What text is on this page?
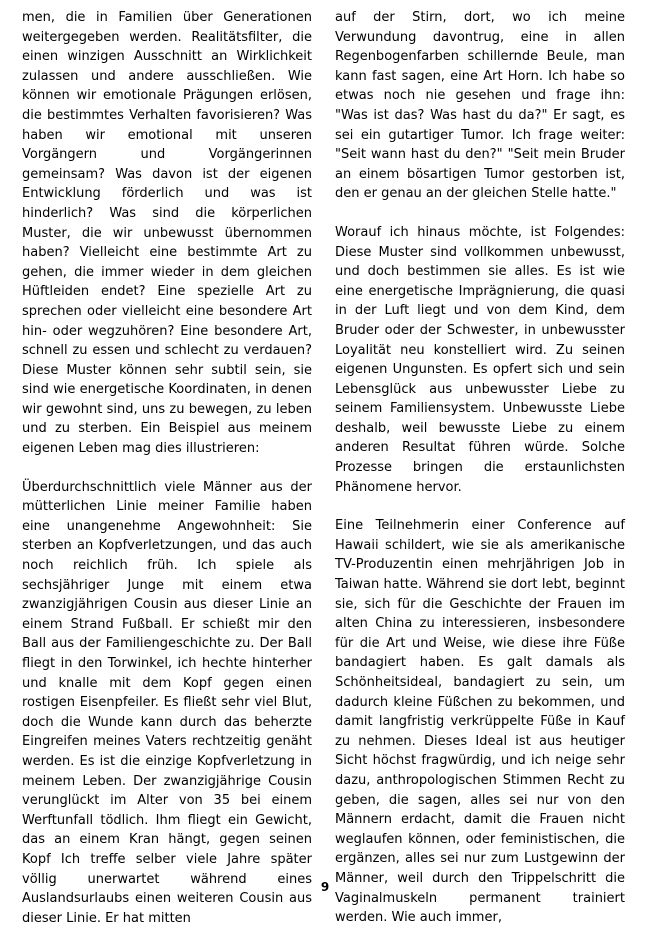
men, die in Familien über Generationen weitergegeben werden. Realitätsfilter, die einen winzigen Ausschnitt an Wirklichkeit zulassen und andere ausschließen. Wie können wir emotionale Prägungen erlösen, die bestimmtes Verhalten favorisieren? Was haben wir emotional mit unseren Vorgängern und Vorgängerinnen gemeinsam? Was davon ist der eigenen Entwicklung förderlich und was ist hinderlich? Was sind die körperlichen Muster, die wir unbewusst übernommen haben? Vielleicht eine bestimmte Art zu gehen, die immer wieder in dem gleichen Hüftleiden endet? Eine spezielle Art zu sprechen oder vielleicht eine besondere Art hin- oder wegzuhören? Eine besondere Art, schnell zu essen und schlecht zu verdauen? Diese Muster können sehr subtil sein, sie sind wie energetische Koordinaten, in denen wir gewohnt sind, uns zu bewegen, zu leben und zu sterben. Ein Beispiel aus meinem eigenen Leben mag dies illustrieren:

Überdurchschnittlich viele Männer aus der mütterlichen Linie meiner Familie haben eine unangenehme Angewohnheit: Sie sterben an Kopfverletzungen, und das auch noch reichlich früh. Ich spiele als sechsjähriger Junge mit einem etwa zwanzigjährigen Cousin aus dieser Linie an einem Strand Fußball. Er schießt mir den Ball aus der Familiengeschichte zu. Der Ball fliegt in den Torwinkel, ich hechte hinterher und knalle mit dem Kopf gegen einen rostigen Eisenpfeiler. Es fließt sehr viel Blut, doch die Wunde kann durch das beherzte Eingreifen meines Vaters rechtzeitig genäht werden. Es ist die einzige Kopfverletzung in meinem Leben. Der zwanzigjährige Cousin verunglückt im Alter von 35 bei einem Werftunfall tödlich. Ihm fliegt ein Gewicht, das an einem Kran hängt, gegen seinen Kopf Ich treffe selber viele Jahre später völlig unerwartet während eines Auslandsurlaubs einen weiteren Cousin aus dieser Linie. Er hat mitten

auf der Stirn, dort, wo ich meine Verwundung davontrug, eine in allen Regenbogenfarben schillernde Beule, man kann fast sagen, eine Art Horn. Ich habe so etwas noch nie gesehen und frage ihn: "Was ist das? Was hast du da?" Er sagt, es sei ein gutartiger Tumor. Ich frage weiter: "Seit wann hast du den?" "Seit mein Bruder an einem bösartigen Tumor gestorben ist, den er genau an der gleichen Stelle hatte."

Worauf ich hinaus möchte, ist Folgendes: Diese Muster sind vollkommen unbewusst, und doch bestimmen sie alles. Es ist wie eine energetische Imprägnierung, die quasi in der Luft liegt und von dem Kind, dem Bruder oder der Schwester, in unbewusster Loyalität neu konstelliert wird. Zu seinen eigenen Ungunsten. Es opfert sich und sein Lebensglück aus unbewusster Liebe zu seinem Familiensystem. Unbewusste Liebe deshalb, weil bewusste Liebe zu einem anderen Resultat führen würde. Solche Prozesse bringen die erstaunlichsten Phänomene hervor.

Eine Teilnehmerin einer Conference auf Hawaii schildert, wie sie als amerikanische TV-Produzentin einen mehrjährigen Job in Taiwan hatte. Während sie dort lebt, beginnt sie, sich für die Geschichte der Frauen im alten China zu interessieren, insbesondere für die Art und Weise, wie diese ihre Füße bandagiert haben. Es galt damals als Schönheitsideal, bandagiert zu sein, um dadurch kleine Füßchen zu bekommen, und damit langfristig verkrüppelte Füße in Kauf zu nehmen. Dieses Ideal ist aus heutiger Sicht höchst fragwürdig, und ich neige sehr dazu, anthropologischen Stimmen Recht zu geben, die sagen, alles sei nur von den Männern erdacht, damit die Frauen nicht weglaufen können, oder feministischen, die ergänzen, alles sei nur zum Lustgewinn der Männer, weil durch den Trippelschritt die Vaginalmuskeln permanent trainiert werden. Wie auch immer,

9
